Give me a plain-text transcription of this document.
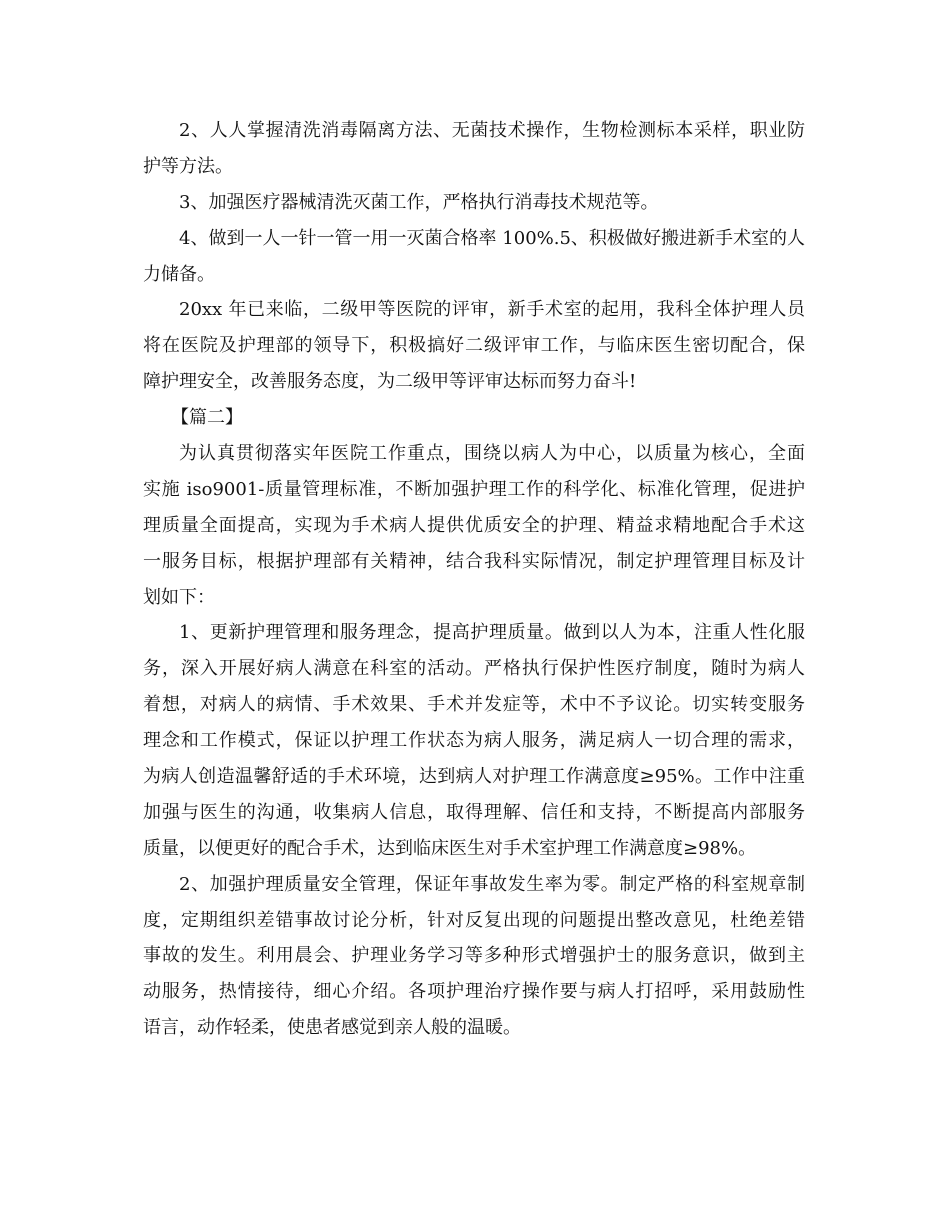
2、人人掌握清洗消毒隔离方法、无菌技术操作，生物检测标本采样，职业防
护等方法。
3、加强医疗器械清洗灭菌工作，严格执行消毒技术规范等。
4、做到一人一针一管一用一灭菌合格率 100%.5、积极做好搬进新手术室的人
力储备。
20xx 年已来临，二级甲等医院的评审，新手术室的起用，我科全体护理人员
将在医院及护理部的领导下，积极搞好二级评审工作，与临床医生密切配合，保
障护理安全，改善服务态度，为二级甲等评审达标而努力奋斗!
【篇二】
为认真贯彻落实年医院工作重点，围绕以病人为中心，以质量为核心，全面
实施 iso9001-质量管理标准，不断加强护理工作的科学化、标准化管理，促进护
理质量全面提高，实现为手术病人提供优质安全的护理、精益求精地配合手术这
一服务目标，根据护理部有关精神，结合我科实际情况，制定护理管理目标及计
划如下：
1、更新护理管理和服务理念，提高护理质量。做到以人为本，注重人性化服
务，深入开展好病人满意在科室的活动。严格执行保护性医疗制度，随时为病人
着想，对病人的病情、手术效果、手术并发症等，术中不予议论。切实转变服务
理念和工作模式，保证以护理工作状态为病人服务，满足病人一切合理的需求，
为病人创造温馨舒适的手术环境，达到病人对护理工作满意度≥95%。工作中注重
加强与医生的沟通，收集病人信息，取得理解、信任和支持，不断提高内部服务
质量，以便更好的配合手术，达到临床医生对手术室护理工作满意度≥98%。
2、加强护理质量安全管理，保证年事故发生率为零。制定严格的科室规章制
度，定期组织差错事故讨论分析，针对反复出现的问题提出整改意见，杜绝差错
事故的发生。利用晨会、护理业务学习等多种形式增强护士的服务意识，做到主
动服务，热情接待，细心介绍。各项护理治疗操作要与病人打招呼，采用鼓励性
语言，动作轻柔，使患者感觉到亲人般的温暖。
